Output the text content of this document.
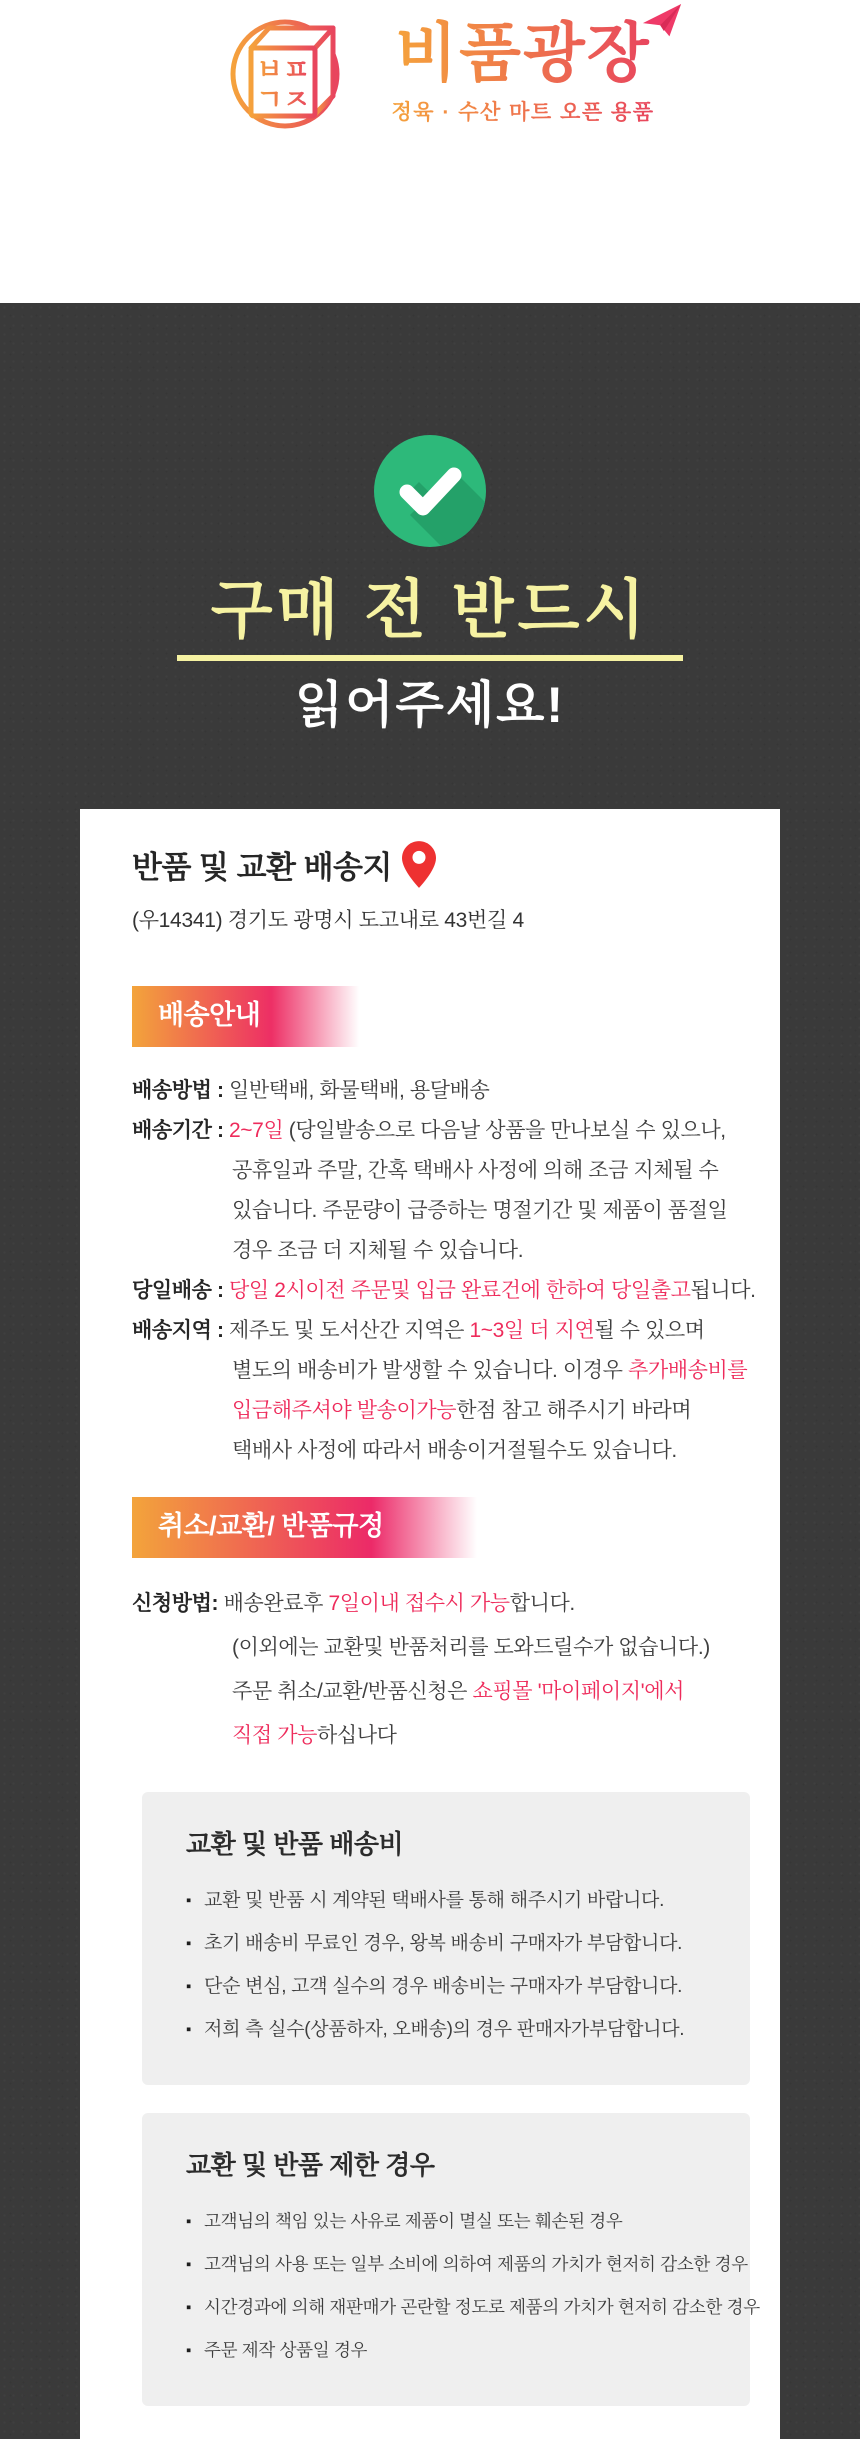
ㅂㅍ
ㄱㅈ
비품광장
정육 · 수산 마트 오픈 용품
구매 전 반드시
읽어주세요!
반품 및 교환 배송지
(우14341) 경기도 광명시 도고내로 43번길 4
배송안내
배송방법 : 일반택배, 화물택배, 용달배송
배송기간 : 2~7일 (당일발송으로 다음날 상품을 만나보실 수 있으나,
공휴일과 주말, 간혹 택배사 사정에 의해 조금 지체될 수
있습니다. 주문량이 급증하는 명절기간 및 제품이 품절일
경우 조금 더 지체될 수 있습니다.
당일배송 : 당일 2시이전 주문및 입금 완료건에 한하여 당일출고됩니다.
배송지역 : 제주도 및 도서산간 지역은 1~3일 더 지연될 수 있으며
별도의 배송비가 발생할 수 있습니다. 이경우 추가배송비를
입금해주셔야 발송이가능한점 참고 해주시기 바라며
택배사 사정에 따라서 배송이거절될수도 있습니다.
취소/교환/ 반품규정
신청방법: 배송완료후 7일이내 접수시 가능합니다.
(이외에는 교환및 반품처리를 도와드릴수가 없습니다.)
주문 취소/교환/반품신청은 쇼핑몰 '마이페이지'에서
직접 가능하십나다
교환 및 반품 배송비
▪ 교환 및 반품 시 계약된 택배사를 통해 해주시기 바랍니다.
▪ 초기 배송비 무료인 경우, 왕복 배송비 구매자가 부담합니다.
▪ 단순 변심, 고객 실수의 경우 배송비는 구매자가 부담합니다.
▪ 저희 측 실수(상품하자, 오배송)의 경우 판매자가부담합니다.
교환 및 반품 제한 경우
▪ 고객님의 책임 있는 사유로 제품이 멸실 또는 훼손된 경우
▪ 고객님의 사용 또는 일부 소비에 의하여 제품의 가치가 현저히 감소한 경우
▪ 시간경과에 의해 재판매가 곤란할 정도로 제품의 가치가 현저히 감소한 경우
▪ 주문 제작 상품일 경우
